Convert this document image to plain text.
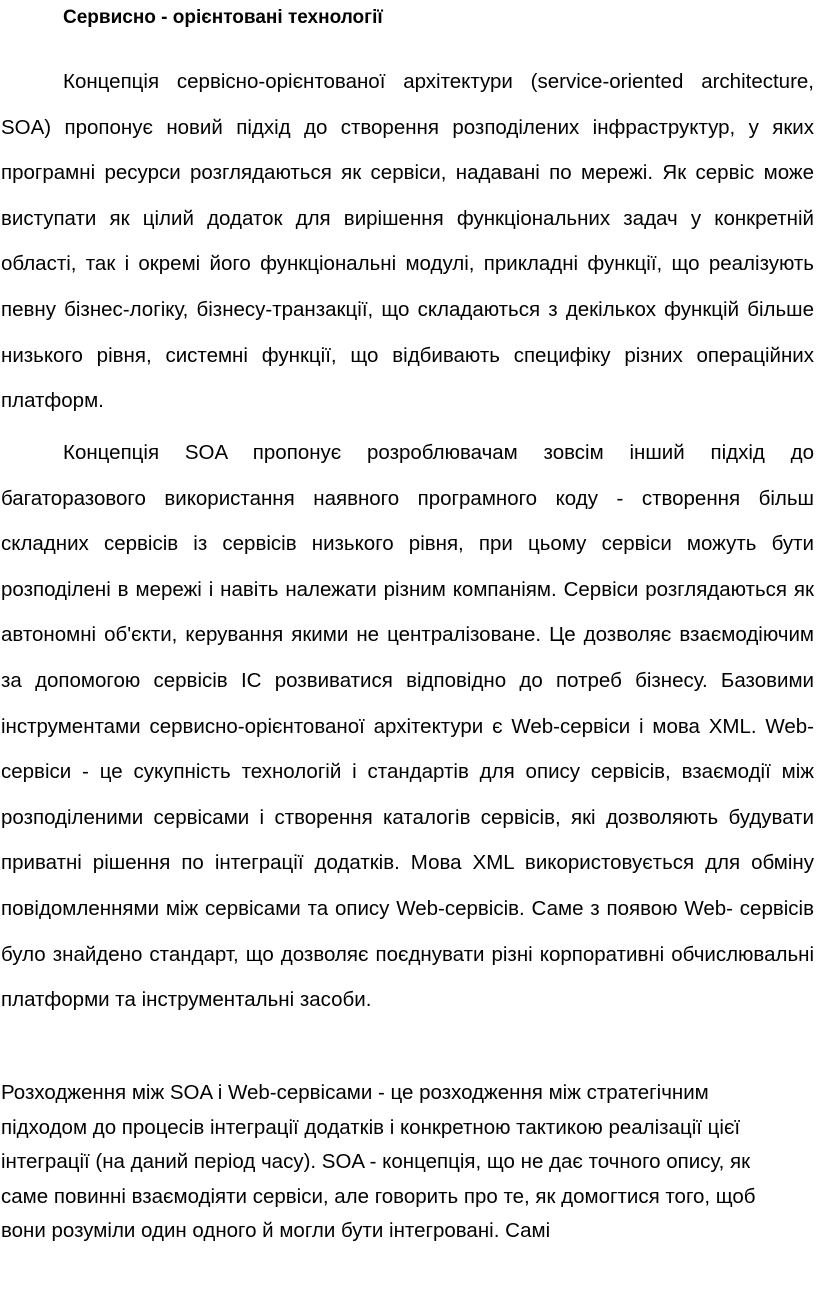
Сервисно - орієнтовані технології

Концепція сервісно-орієнтованої архітектури (service-oriented architecture, SOA) пропонує новий підхід до створення розподілених інфраструктур, у яких програмні ресурси розглядаються як сервіси, надавані по мережі. Як сервіс може виступати як цілий додаток для вирішення функціональних задач у конкретній області, так і окремі його функціональні модулі, прикладні функції, що реалізують певну бізнес-логіку, бізнесу-транзакції, що складаються з декількох функцій більше низького рівня, системні функції, що відбивають специфіку різних операційних платформ.

Концепція SOA пропонує розроблювачам зовсім інший підхід до багаторазового використання наявного програмного коду - створення більш складних сервісів із сервісів низького рівня, при цьому сервіси можуть бути розподілені в мережі і навіть належати різним компаніям. Сервіси розглядаються як автономні об'єкти, керування якими не централізоване. Це дозволяє взаємодіючим за допомогою сервісів ІС розвиватися відповідно до потреб бізнесу. Базовими інструментами сервисно-орієнтованої архітектури є Web-сервіси і мова XML. Web-сервіси - це сукупність технологій і стандартів для опису сервісів, взаємодії між розподіленими сервісами і створення каталогів сервісів, які дозволяють будувати приватні рішення по інтеграції додатків. Мова XML використовується для обміну повідомленнями між сервісами та опису Web-сервісів. Саме з появою Web- сервісів було знайдено стандарт, що дозволяє поєднувати різні корпоративні обчислювальні платформи та інструментальні засоби.

Розходження між SOA і Web-сервісами - це розходження між стратегічним підходом до процесів інтеграції додатків і конкретною тактикою реалізації цієї інтеграції (на даний період часу). SOA - концепція, що не дає точного опису, як саме повинні взаємодіяти сервіси, але говорить про те, як домогтися того, щоб вони розуміли один одного й могли бути інтегровані. Самі
